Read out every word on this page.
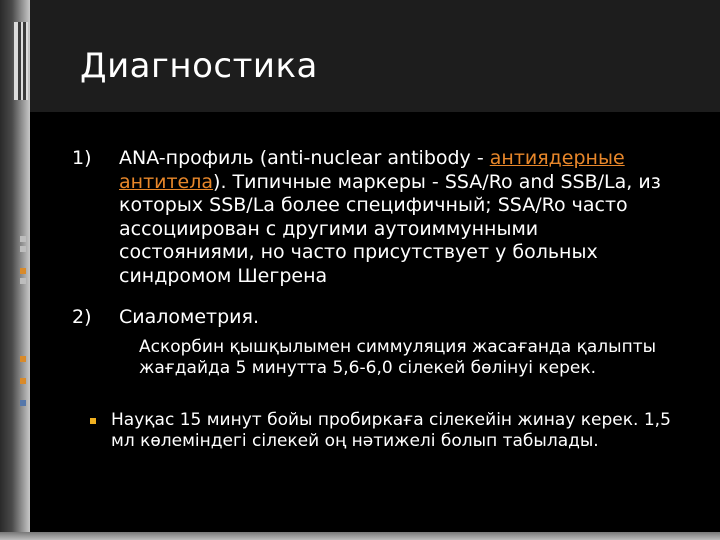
Диагностика
1) ANA-профиль (anti-nuclear antibody - антиядерные антитела). Типичные маркеры - SSA/Ro and SSB/La, из которых SSB/La более специфичный; SSA/Ro часто ассоциирован с другими аутоиммунными состояниями, но часто присутствует у больных синдромом Шегрена
2) Сиалометрия.
Аскорбин қышқылымен симмуляция жасағанда қалыпты жағдайда 5 минутта 5,6-6,0 сілекей бөлінуі керек.
Науқас 15 минут бойы пробиркаға сілекейін жинау керек. 1,5 мл көлеміндегі сілекей оң нәтижелі болып табылады.
